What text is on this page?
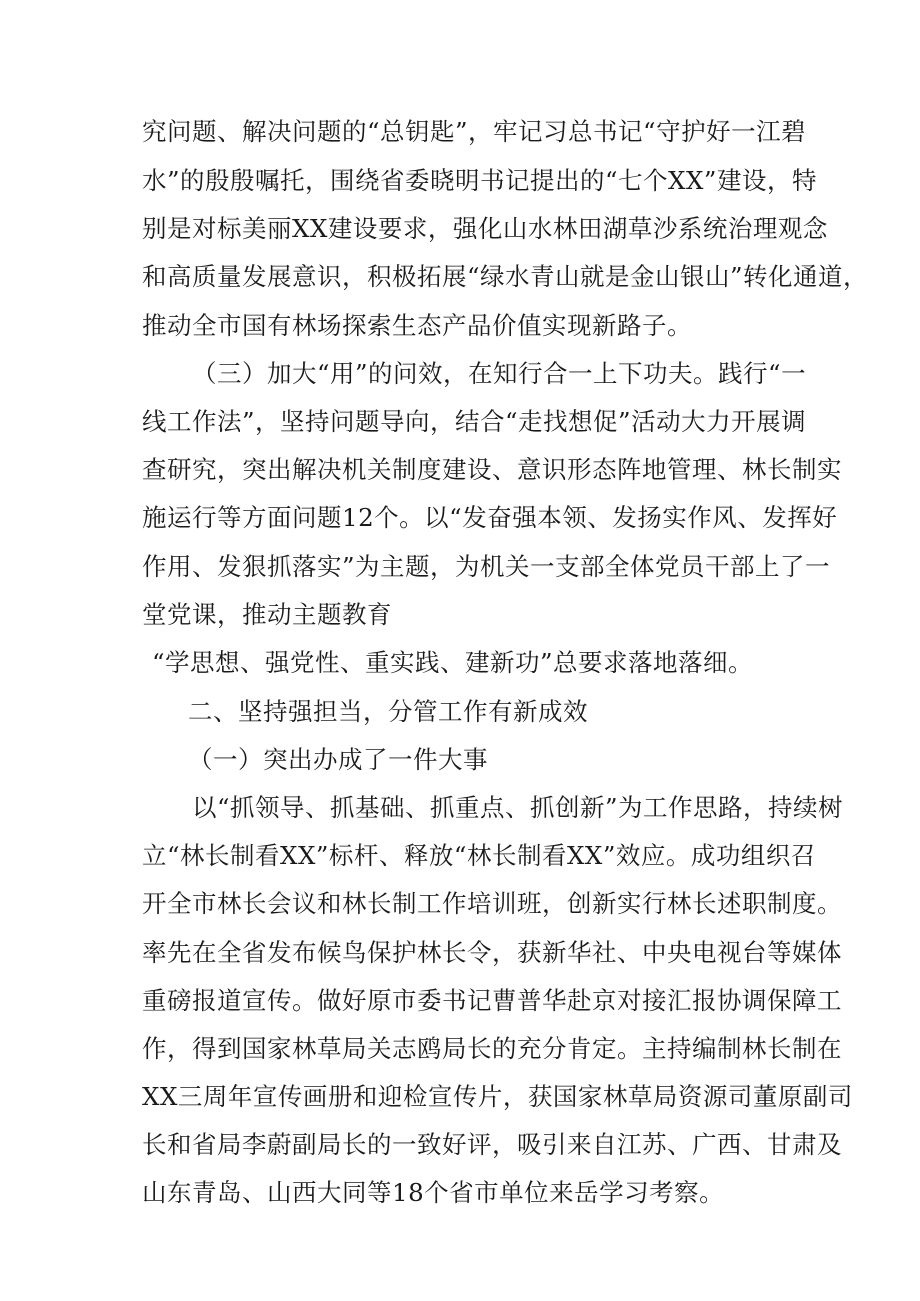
究问题、解决问题的“总钥匙”，牢记习总书记“守护好一江碧
水”的殷殷嘱托，围绕省委晓明书记提出的“七个XX”建设，特
别是对标美丽XX建设要求，强化山水林田湖草沙系统治理观念
和高质量发展意识，积极拓展“绿水青山就是金山银山”转化通道，
推动全市国有林场探索生态产品价值实现新路子。
（三）加大“用”的问效，在知行合一上下功夫。践行“一
线工作法”，坚持问题导向，结合“走找想促”活动大力开展调
查研究，突出解决机关制度建设、意识形态阵地管理、林长制实
施运行等方面问题12个。以“发奋强本领、发扬实作风、发挥好
作用、发狠抓落实”为主题，为机关一支部全体党员干部上了一
堂党课，推动主题教育
“学思想、强党性、重实践、建新功”总要求落地落细。
二、坚持强担当，分管工作有新成效
（一）突出办成了一件大事
以“抓领导、抓基础、抓重点、抓创新”为工作思路，持续树
立“林长制看XX”标杆、释放“林长制看XX”效应。成功组织召
开全市林长会议和林长制工作培训班，创新实行林长述职制度。
率先在全省发布候鸟保护林长令，获新华社、中央电视台等媒体
重磅报道宣传。做好原市委书记曹普华赴京对接汇报协调保障工
作，得到国家林草局关志鸥局长的充分肯定。主持编制林长制在
XX三周年宣传画册和迎检宣传片，获国家林草局资源司董原副司
长和省局李蔚副局长的一致好评，吸引来自江苏、广西、甘肃及
山东青岛、山西大同等18个省市单位来岳学习考察。
